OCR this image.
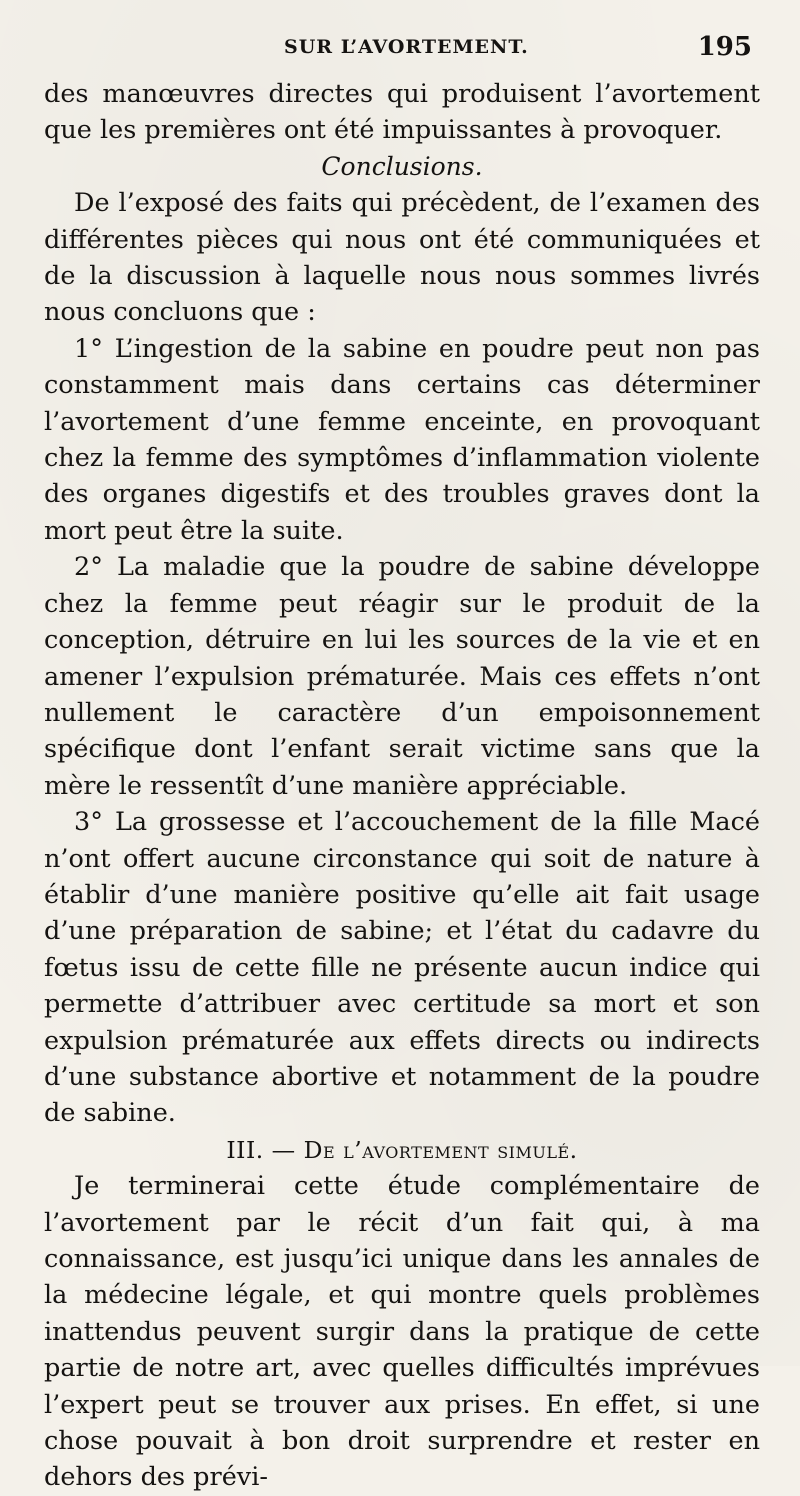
SUR L’AVORTEMENT.	195

des manœuvres directes qui produisent l’avortement que les premières ont été impuissantes à provoquer.

Conclusions.

De l’exposé des faits qui précèdent, de l’examen des différentes pièces qui nous ont été communiquées et de la discussion à laquelle nous nous sommes livrés nous concluons que :

1° L’ingestion de la sabine en poudre peut non pas constamment mais dans certains cas déterminer l’avortement d’une femme enceinte, en provoquant chez la femme des symptômes d’inflammation violente des organes digestifs et des troubles graves dont la mort peut être la suite.

2° La maladie que la poudre de sabine développe chez la femme peut réagir sur le produit de la conception, détruire en lui les sources de la vie et en amener l’expulsion prématurée. Mais ces effets n’ont nullement le caractère d’un empoisonnement spécifique dont l’enfant serait victime sans que la mère le ressentît d’une manière appréciable.

3° La grossesse et l’accouchement de la fille Macé n’ont offert aucune circonstance qui soit de nature à établir d’une manière positive qu’elle ait fait usage d’une préparation de sabine; et l’état du cadavre du fœtus issu de cette fille ne présente aucun indice qui permette d’attribuer avec certitude sa mort et son expulsion prématurée aux effets directs ou indirects d’une substance abortive et notamment de la poudre de sabine.

III. — De l’avortement simulé.

Je terminerai cette étude complémentaire de l’avortement par le récit d’un fait qui, à ma connaissance, est jusqu’ici unique dans les annales de la médecine légale, et qui montre quels problèmes inattendus peuvent surgir dans la pratique de cette partie de notre art, avec quelles difficultés imprévues l’expert peut se trouver aux prises. En effet, si une chose pouvait à bon droit surprendre et rester en dehors des prévi-
